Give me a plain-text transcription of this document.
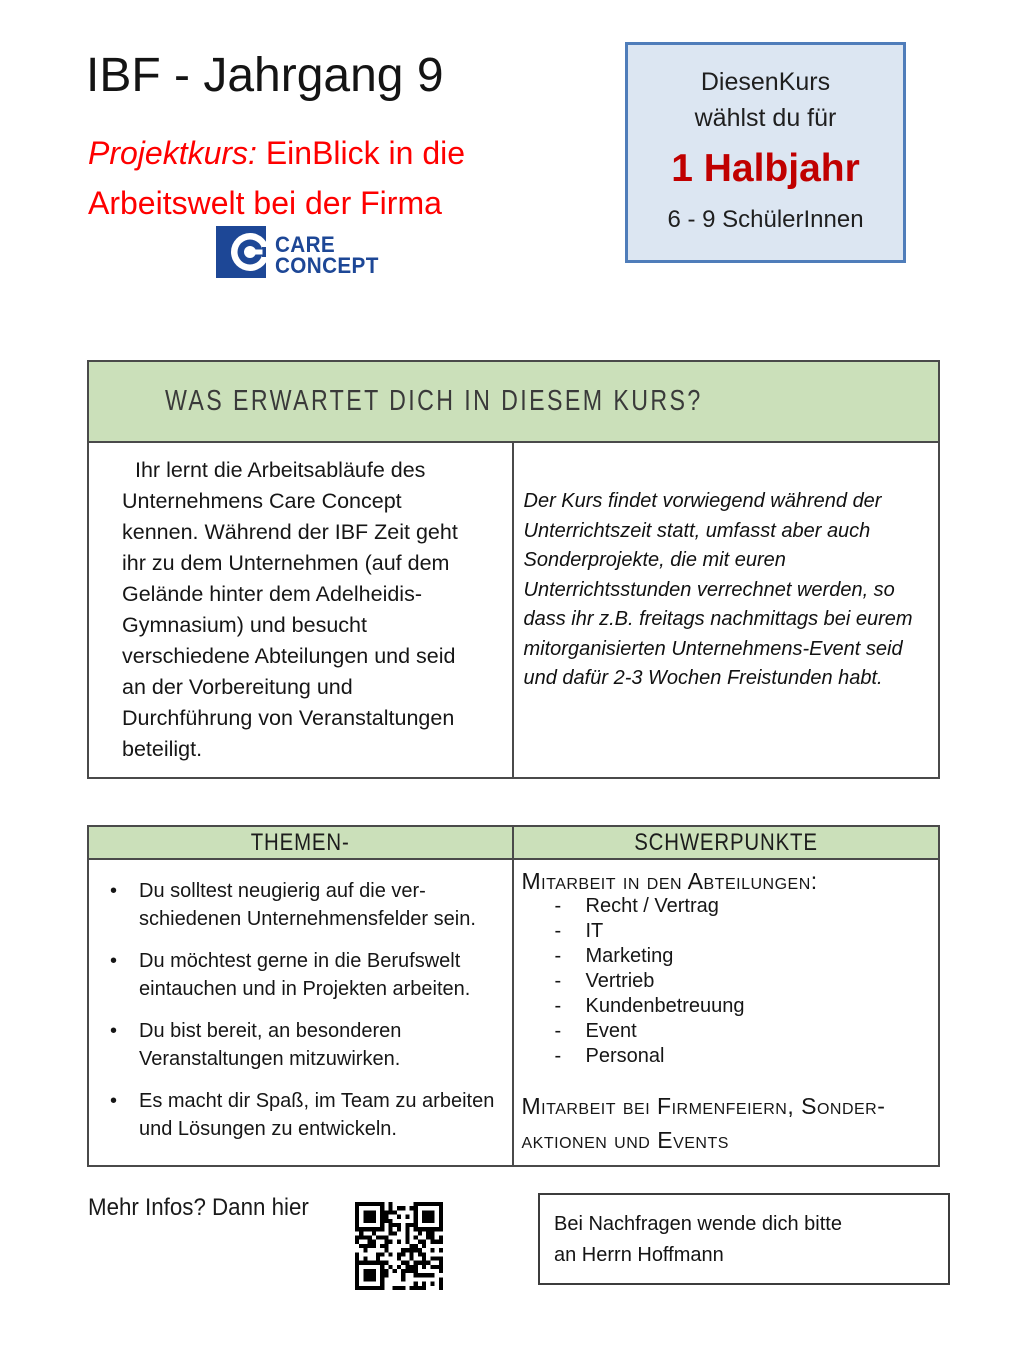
IBF - Jahrgang 9
Projektkurs: EinBlick in die
Arbeitswelt bei der Firma
CARE
CONCEPT
DiesenKurs
wählst du für
1 Halbjahr
6 - 9 SchülerInnen
WAS ERWARTET DICH IN DIESEM KURS?

Ihr lernt die Arbeitsabläufe des Unternehmens Care Concept kennen. Während der IBF Zeit geht ihr zu dem Unternehmen (auf dem Gelände hinter dem Adelheidis-Gymnasium) und besucht verschiedene Abteilungen und seid an der Vorbereitung und Durchführung von Veranstaltungen beteiligt.

Der Kurs findet vorwiegend während der Unterrichtszeit statt, umfasst aber auch Sonderprojekte, die mit euren Unterrichtsstunden verrechnet werden, so dass ihr z.B. freitags nachmittags bei eurem mitorganisierten Unternehmens-Event seid und dafür 2-3 Wochen Freistunden habt.

THEMEN-	SCHWERPUNKTE
•	Du solltest neugierig auf die ver-schiedenen Unternehmensfelder sein.
•	Du möchtest gerne in die Berufswelt eintauchen und in Projekten arbeiten.
•	Du bist bereit, an besonderen Veranstaltungen mitzuwirken.
•	Es macht dir Spaß, im Team zu arbeiten und Lösungen zu entwickeln.
Mitarbeit in den Abteilungen:
-	Recht / Vertrag
-	IT
-	Marketing
-	Vertrieb
-	Kundenbetreuung
-	Event
-	Personal
Mitarbeit bei Firmenfeiern, Sonder-aktionen und Events
Mehr Infos? Dann hier
Bei Nachfragen wende dich bitte
an Herrn Hoffmann
